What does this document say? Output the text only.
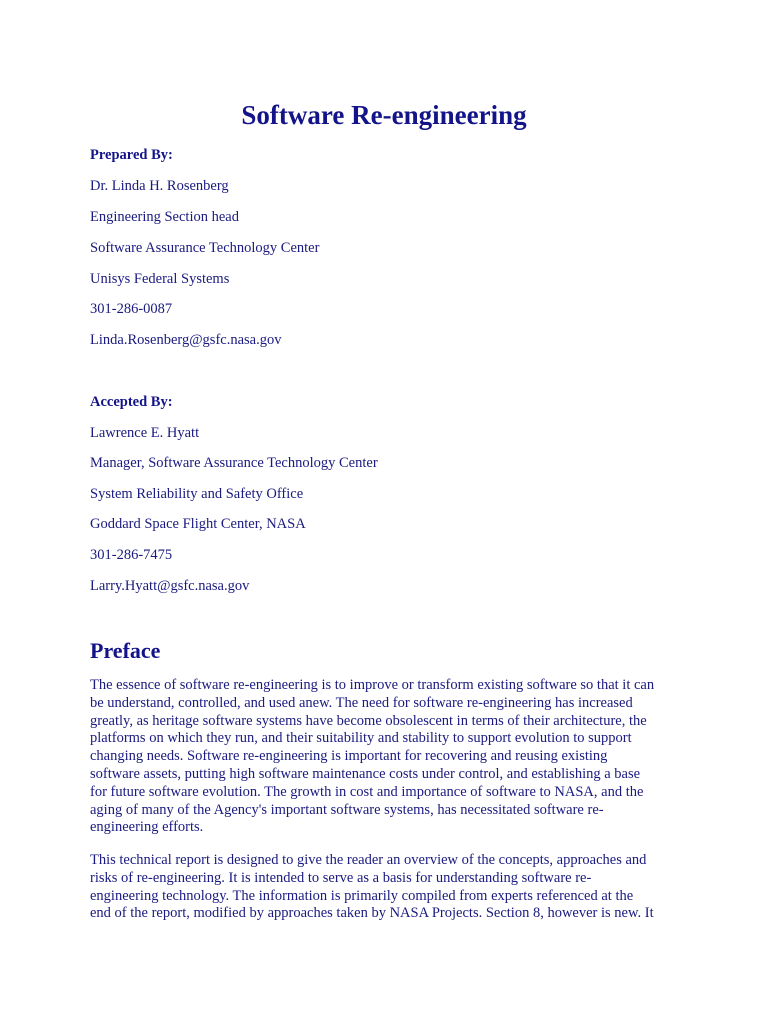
Software Re-engineering
Prepared By:
Dr. Linda H. Rosenberg
Engineering Section head
Software Assurance Technology Center
Unisys Federal Systems
301-286-0087
Linda.Rosenberg@gsfc.nasa.gov
Accepted By:
Lawrence E. Hyatt
Manager, Software Assurance Technology Center
System Reliability and Safety Office
Goddard Space Flight Center, NASA
301-286-7475
Larry.Hyatt@gsfc.nasa.gov
Preface

The essence of software re-engineering is to improve or transform existing software so that it can
be understand, controlled, and used anew. The need for software re-engineering has increased
greatly, as heritage software systems have become obsolescent in terms of their architecture, the
platforms on which they run, and their suitability and stability to support evolution to support
changing needs. Software re-engineering is important for recovering and reusing existing
software assets, putting high software maintenance costs under control, and establishing a base
for future software evolution. The growth in cost and importance of software to NASA, and the
aging of many of the Agency's important software systems, has necessitated software re-
engineering efforts.

This technical report is designed to give the reader an overview of the concepts, approaches and
risks of re-engineering. It is intended to serve as a basis for understanding software re-
engineering technology. The information is primarily compiled from experts referenced at the
end of the report, modified by approaches taken by NASA Projects. Section 8, however is new. It
